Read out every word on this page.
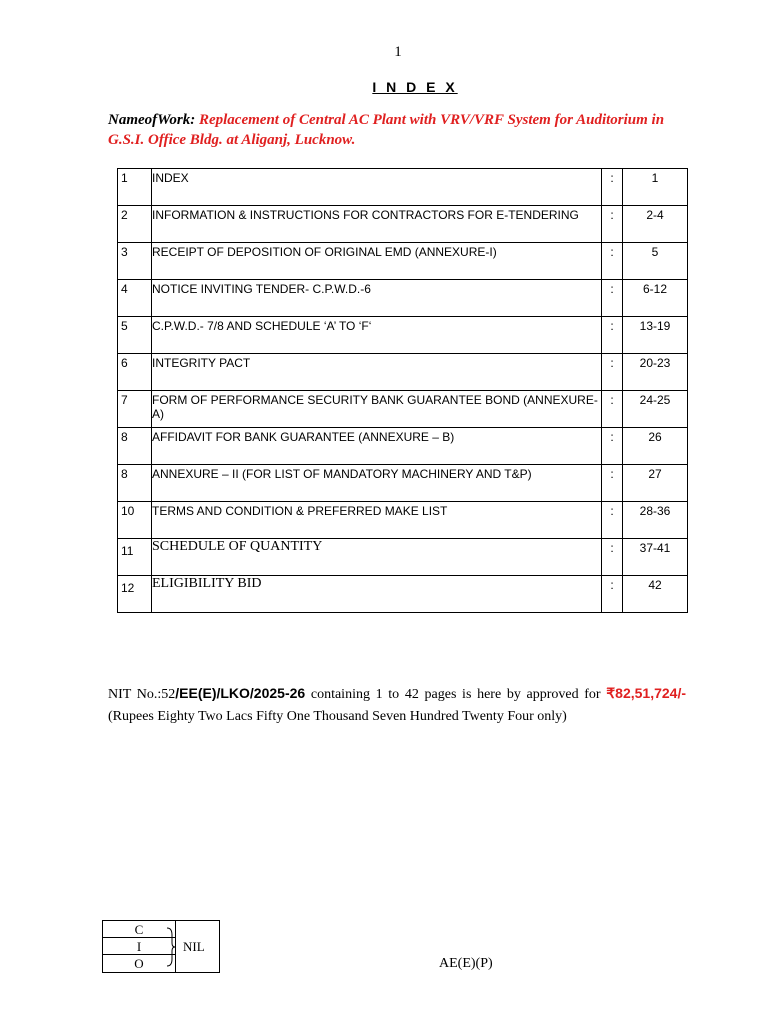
1
I N D E X
NameofWork: Replacement of Central AC Plant with VRV/VRF System for Auditorium in G.S.I. Office Bldg. at Aliganj, Lucknow.
1	INDEX	:	1
2	INFORMATION & INSTRUCTIONS FOR CONTRACTORS FOR E-TENDERING	:	2-4
3	RECEIPT OF DEPOSITION OF ORIGINAL EMD (ANNEXURE-I)	:	5
4	NOTICE INVITING TENDER- C.P.W.D.-6	:	6-12
5	C.P.W.D.- 7/8 AND SCHEDULE ‘A’ TO ‘F‘	:	13-19
6	INTEGRITY PACT	:	20-23
7	FORM OF PERFORMANCE SECURITY BANK GUARANTEE BOND (ANNEXURE-A)	:	24-25
8	AFFIDAVIT FOR BANK GUARANTEE (ANNEXURE – B)	:	26
8	ANNEXURE – II (FOR LIST OF MANDATORY MACHINERY AND T&P)	:	27
10	TERMS AND CONDITION & PREFERRED MAKE LIST	:	28-36
11	SCHEDULE OF QUANTITY	:	37-41
12	ELIGIBILITY BID	:	42
NIT No.:52/EE(E)/LKO/2025-26 containing 1 to 42 pages is here by approved for ₹82,51,724/- (Rupees Eighty Two Lacs Fifty One Thousand Seven Hundred Twenty Four only)
C
I
O
NIL
AE(E)(P)
